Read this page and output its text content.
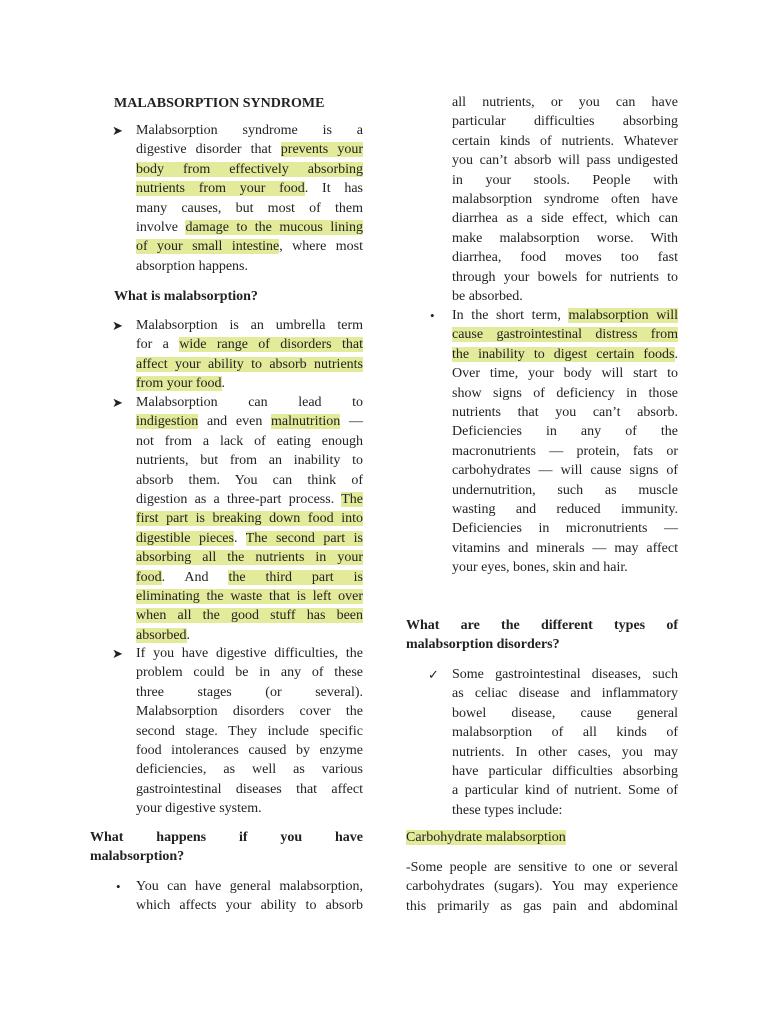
MALABSORPTION SYNDROME
➤ Malabsorption syndrome is a
digestive disorder that prevents your
body from effectively absorbing
nutrients from your food. It has
many causes, but most of them
involve damage to the mucous lining
of your small intestine, where most
absorption happens.
What is malabsorption?
➤ Malabsorption is an umbrella term
for a wide range of disorders that
affect your ability to absorb nutrients
from your food.
➤ Malabsorption can lead to
indigestion and even malnutrition —
not from a lack of eating enough
nutrients, but from an inability to
absorb them. You can think of
digestion as a three-part process. The
first part is breaking down food into
digestible pieces. The second part is
absorbing all the nutrients in your
food. And the third part is
eliminating the waste that is left over
when all the good stuff has been
absorbed.
➤ If you have digestive difficulties, the
problem could be in any of these
three stages (or several).
Malabsorption disorders cover the
second stage. They include specific
food intolerances caused by enzyme
deficiencies, as well as various
gastrointestinal diseases that affect
your digestive system.
What happens if you have
malabsorption?
• You can have general malabsorption,
which affects your ability to absorb
all nutrients, or you can have
particular difficulties absorbing
certain kinds of nutrients. Whatever
you can’t absorb will pass undigested
in your stools. People with
malabsorption syndrome often have
diarrhea as a side effect, which can
make malabsorption worse. With
diarrhea, food moves too fast
through your bowels for nutrients to
be absorbed.
• In the short term, malabsorption will
cause gastrointestinal distress from
the inability to digest certain foods.
Over time, your body will start to
show signs of deficiency in those
nutrients that you can’t absorb.
Deficiencies in any of the
macronutrients — protein, fats or
carbohydrates — will cause signs of
undernutrition, such as muscle
wasting and reduced immunity.
Deficiencies in micronutrients —
vitamins and minerals — may affect
your eyes, bones, skin and hair.
What are the different types of
malabsorption disorders?
✓ Some gastrointestinal diseases, such
as celiac disease and inflammatory
bowel disease, cause general
malabsorption of all kinds of
nutrients. In other cases, you may
have particular difficulties absorbing
a particular kind of nutrient. Some of
these types include:
Carbohydrate malabsorption
-Some people are sensitive to one or several
carbohydrates (sugars). You may experience
this primarily as gas pain and abdominal
